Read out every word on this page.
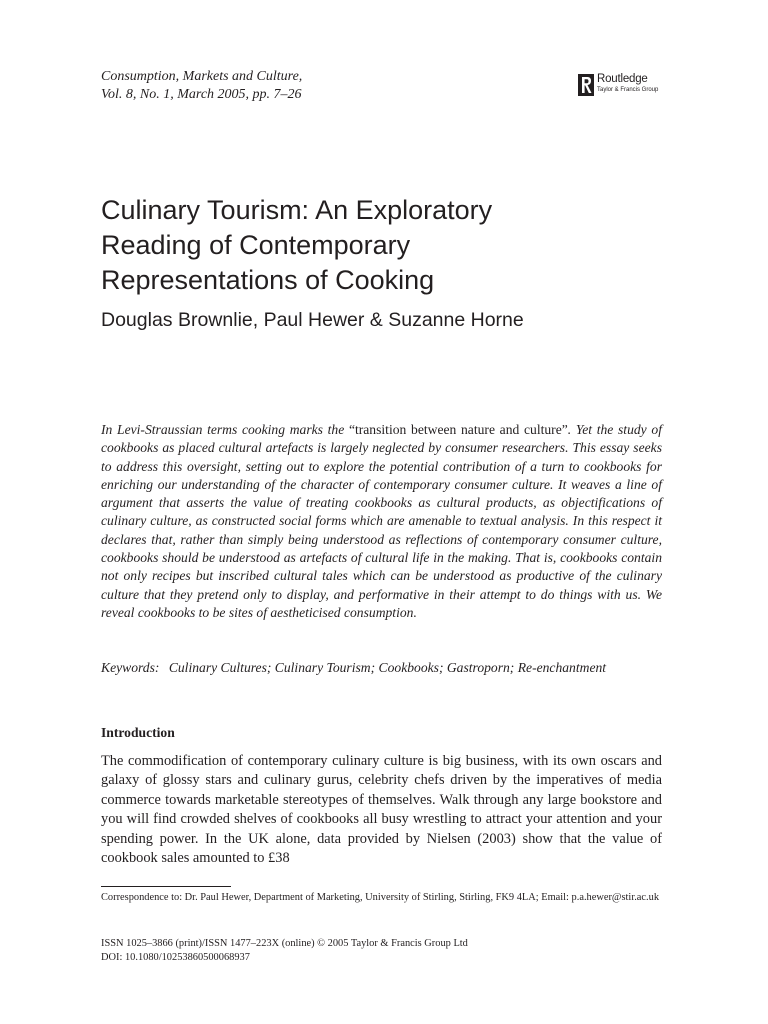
Consumption, Markets and Culture,
Vol. 8, No. 1, March 2005, pp. 7–26
Routledge
Taylor & Francis Group
Culinary Tourism: An Exploratory
Reading of Contemporary
Representations of Cooking
Douglas Brownlie, Paul Hewer & Suzanne Horne
In Levi-Straussian terms cooking marks the “transition between nature and culture”. Yet the study of cookbooks as placed cultural artefacts is largely neglected by consumer researchers. This essay seeks to address this oversight, setting out to explore the potential contribution of a turn to cookbooks for enriching our understanding of the character of contemporary consumer culture. It weaves a line of argument that asserts the value of treating cookbooks as cultural products, as objectifications of culinary culture, as constructed social forms which are amenable to textual analysis. In this respect it declares that, rather than simply being understood as reflections of contemporary consumer culture, cookbooks should be understood as artefacts of cultural life in the making. That is, cookbooks contain not only recipes but inscribed cultural tales which can be understood as productive of the culinary culture that they pretend only to display, and performative in their attempt to do things with us. We reveal cookbooks to be sites of aestheticised consumption.
Keywords: Culinary Cultures; Culinary Tourism; Cookbooks; Gastroporn; Re-enchantment
Introduction
The commodification of contemporary culinary culture is big business, with its own oscars and galaxy of glossy stars and culinary gurus, celebrity chefs driven by the imperatives of media commerce towards marketable stereotypes of themselves. Walk through any large bookstore and you will find crowded shelves of cookbooks all busy wrestling to attract your attention and your spending power. In the UK alone, data provided by Nielsen (2003) show that the value of cookbook sales amounted to £38
Correspondence to: Dr. Paul Hewer, Department of Marketing, University of Stirling, Stirling, FK9 4LA; Email: p.a.hewer@stir.ac.uk
ISSN 1025–3866 (print)/ISSN 1477–223X (online) © 2005 Taylor & Francis Group Ltd
DOI: 10.1080/10253860500068937
